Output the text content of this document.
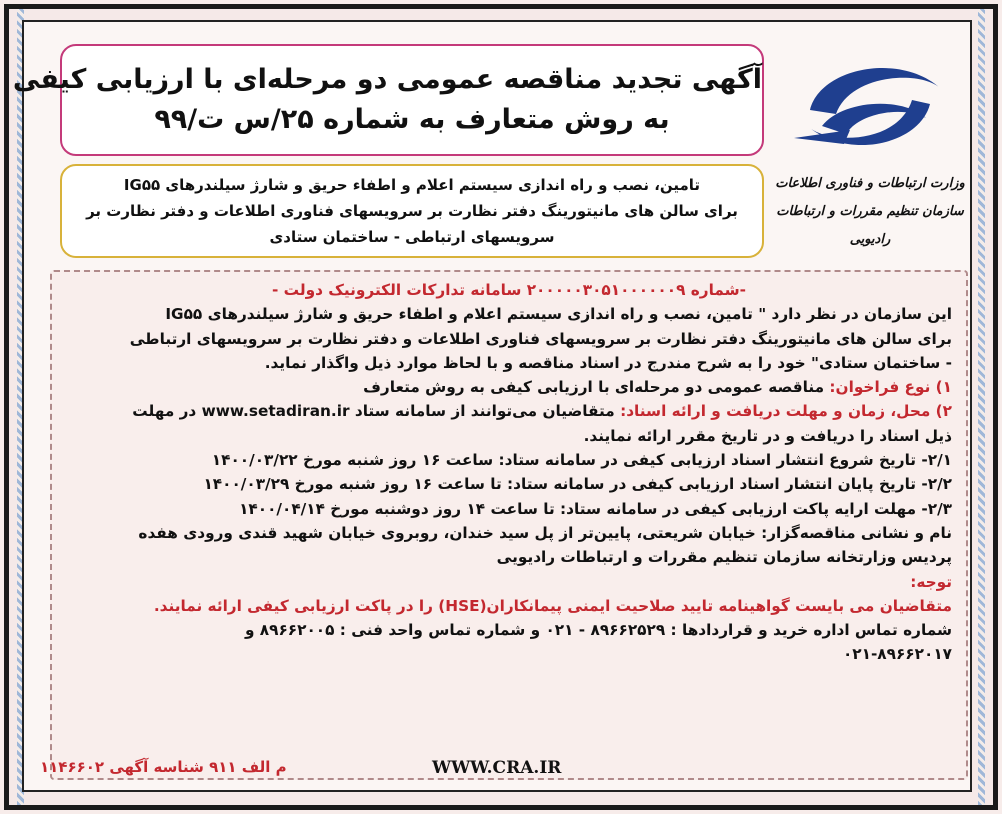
آگهی تجدید مناقصه عمومی دو مرحله‌ای با ارزیابی کیفی
به روش متعارف به شماره ۲۵/س ت/۹۹
وزارت ارتباطات و فناوری اطلاعات
سازمان تنظیم مقررات و ارتباطات رادیویی
تامین، نصب و راه اندازی سیستم اعلام و اطفاء حریق و شارژ سیلندرهای IG۵۵
برای سالن های مانیتورینگ دفتر نظارت بر سرویسهای فناوری اطلاعات و دفتر نظارت بر
سرویسهای ارتباطی - ساختمان ستادی
-شماره ۲۰۰۰۰۰۳۰۵۱۰۰۰۰۰۰۹ سامانه تدارکات الکترونیک دولت -
این سازمان در نظر دارد " تامین، نصب و راه اندازی سیستم اعلام و اطفاء حریق و شارژ سیلندرهای IG۵۵
برای سالن های مانیتورینگ دفتر نظارت بر سرویسهای فناوری اطلاعات و دفتر نظارت بر سرویسهای ارتباطی
- ساختمان ستادی" خود را به شرح مندرج در اسناد مناقصه و با لحاظ موارد ذیل واگذار نماید.
۱) نوع فراخوان: مناقصه عمومی دو مرحله‌ای با ارزیابی کیفی به روش متعارف
۲) محل، زمان و مهلت دریافت و ارائه اسناد: متقاضیان می‌توانند از سامانه ستاد www.setadiran.ir در مهلت
ذیل اسناد را دریافت و در تاریخ مقرر ارائه نمایند.
۲/۱- تاریخ شروع انتشار اسناد ارزیابی کیفی در سامانه ستاد: ساعت ۱۶ روز شنبه مورخ ۱۴۰۰/۰۳/۲۲
۲/۲- تاریخ پایان انتشار اسناد ارزیابی کیفی در سامانه ستاد: تا ساعت ۱۶ روز شنبه مورخ ۱۴۰۰/۰۳/۲۹
۲/۳- مهلت ارایه پاکت ارزیابی کیفی در سامانه ستاد: تا ساعت ۱۴ روز دوشنبه مورخ ۱۴۰۰/۰۴/۱۴
نام و نشانی مناقصه‌گزار: خیابان شریعتی، پایین‌تر از پل سید خندان، روبروی خیابان شهید قندی ورودی هفده
پردیس وزارتخانه سازمان تنظیم مقررات و ارتباطات رادیویی
توجه:
متقاضیان می بایست گواهینامه تایید صلاحیت ایمنی پیمانکاران(HSE) را در پاکت ارزیابی کیفی ارائه نمایند.
شماره تماس اداره خرید و قراردادها : ۸۹۶۶۲۵۲۹ - ۰۲۱ و شماره تماس واحد فنی : ۸۹۶۶۲۰۰۵ و
۰۲۱-۸۹۶۶۲۰۱۷
WWW.CRA.IR
م الف ۹۱۱ شناسه آگهی ۱۱۴۶۶۰۲
